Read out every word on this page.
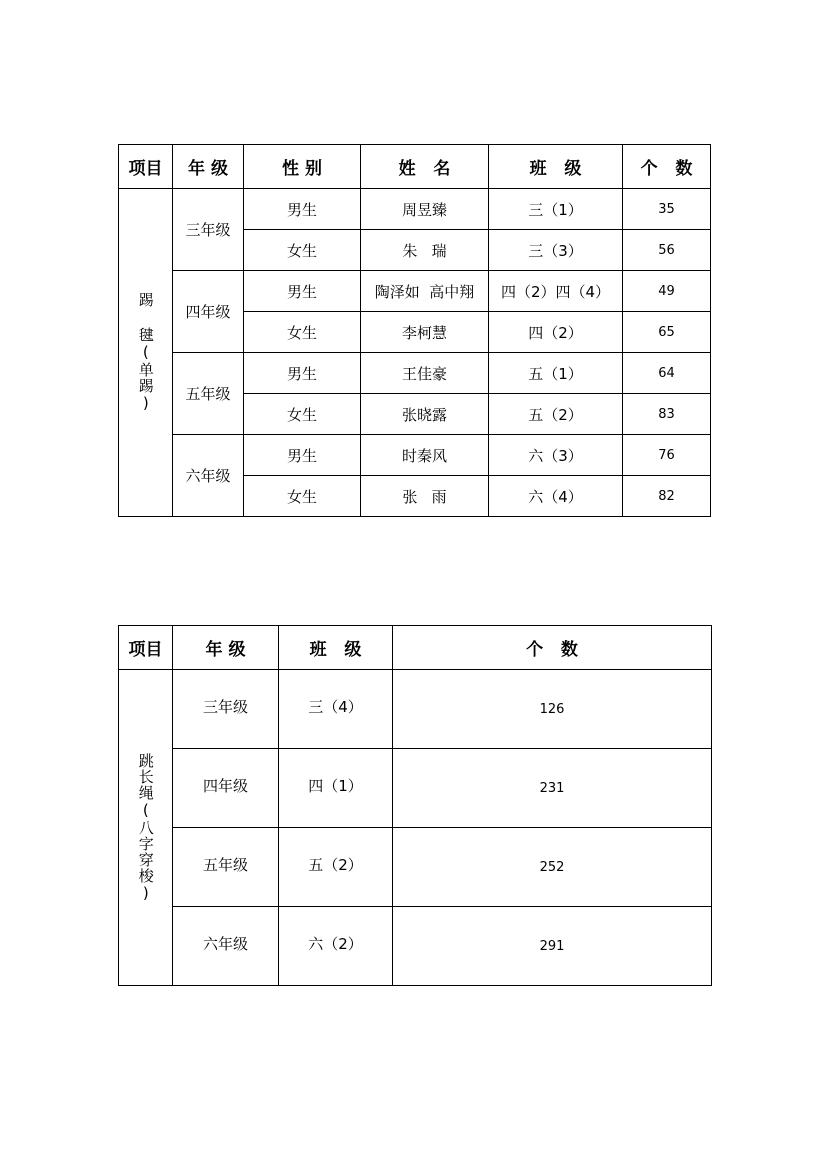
项目	年 级	性 别	姓   名	班   级	个   数

踢 毽(单踢)	三年级	男生	周昱臻	三（1）	35
		女生	朱   瑞	三（3）	56
	四年级	男生	陶泽如  高中翔	四（2）四（4）	49
		女生	李柯慧	四（2）	65
	五年级	男生	王佳豪	五（1）	64
		女生	张晓露	五（2）	83
	六年级	男生	时秦风	六（3）	76
		女生	张   雨	六（4）	82
项目	年 级	班   级	个   数

跳长绳(八字穿梭)	三年级	三（4）	126
	四年级	四（1）	231
	五年级	五（2）	252
	六年级	六（2）	291
